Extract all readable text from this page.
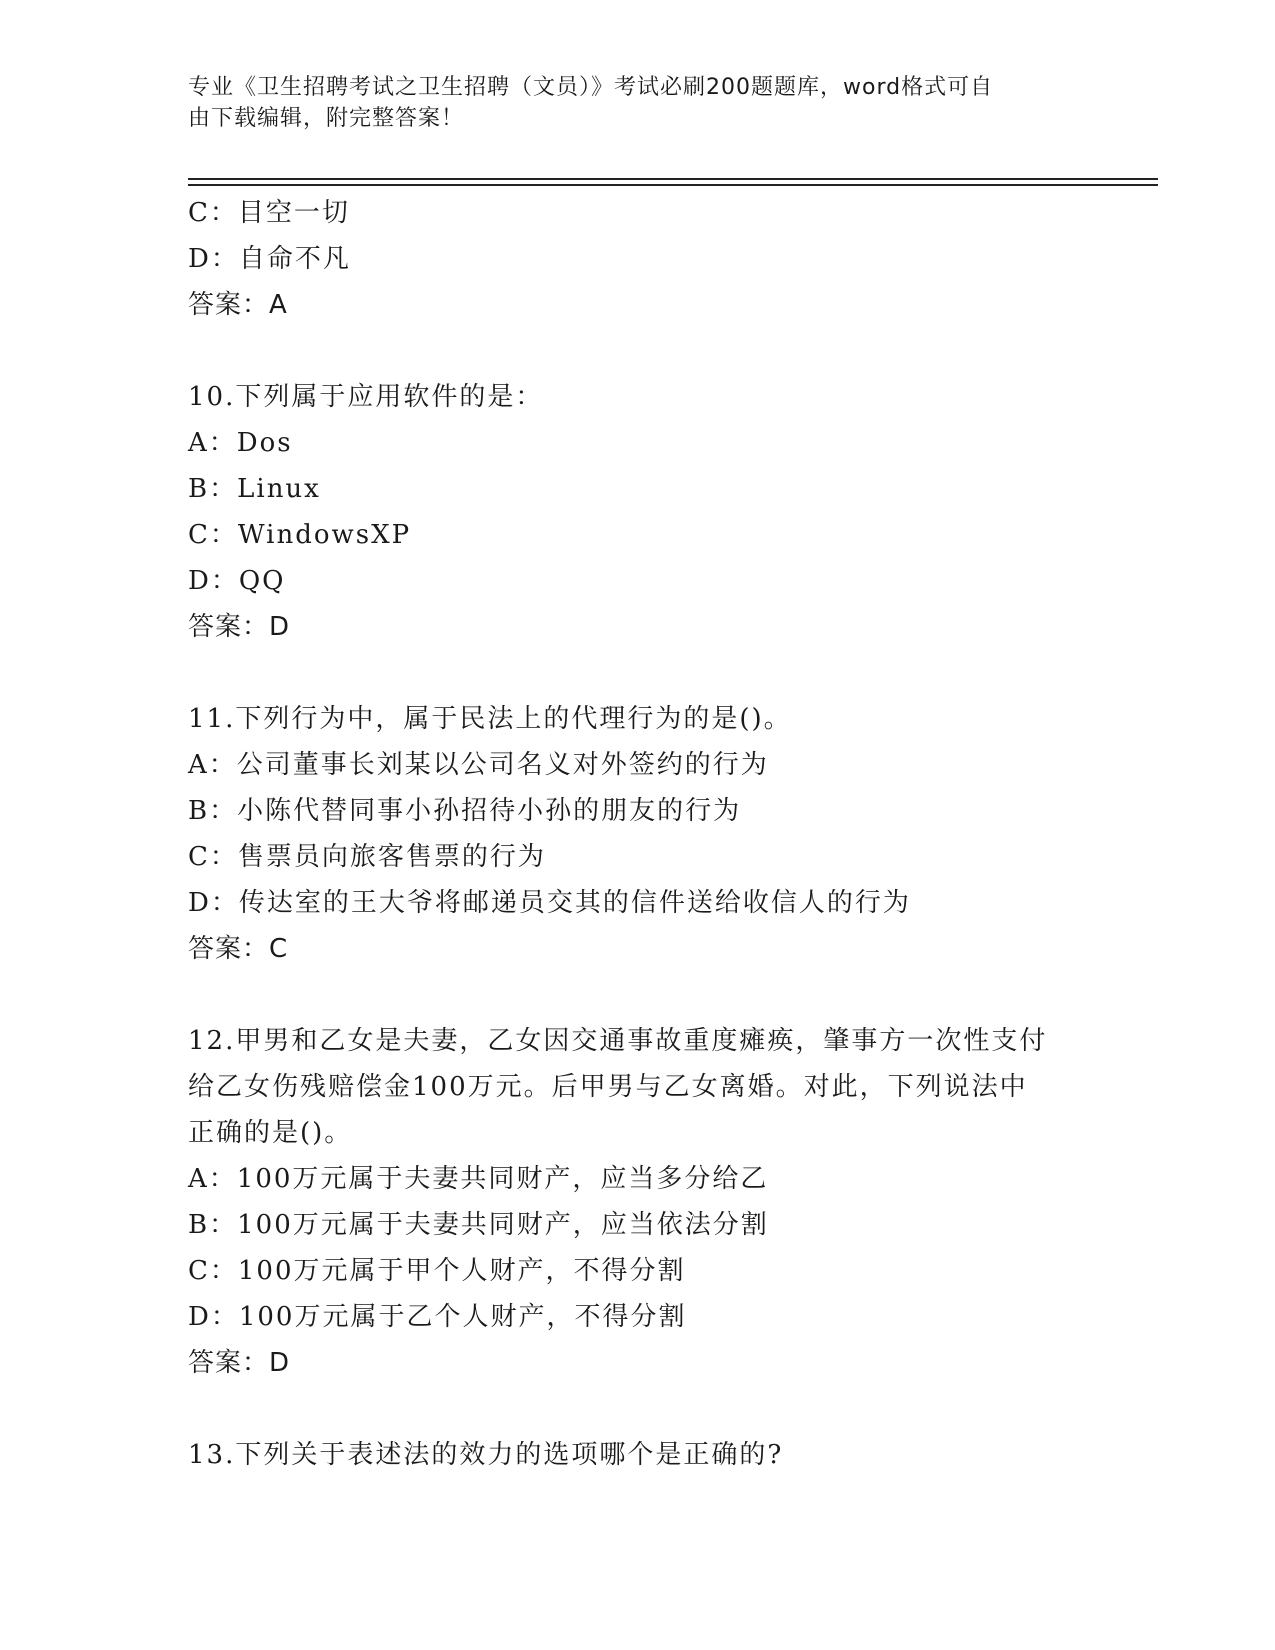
专业《卫生招聘考试之卫生招聘（文员）》考试必刷200题题库，word格式可自
由下载编辑，附完整答案！
C：目空一切
D：自命不凡
答案：A
10.下列属于应用软件的是：
A：Dos
B：Linux
C：WindowsXP
D：QQ
答案：D
11.下列行为中，属于民法上的代理行为的是()。
A：公司董事长刘某以公司名义对外签约的行为
B：小陈代替同事小孙招待小孙的朋友的行为
C：售票员向旅客售票的行为
D：传达室的王大爷将邮递员交其的信件送给收信人的行为
答案：C
12.甲男和乙女是夫妻，乙女因交通事故重度瘫痪，肇事方一次性支付
给乙女伤残赔偿金100万元。后甲男与乙女离婚。对此，下列说法中
正确的是()。
A：100万元属于夫妻共同财产，应当多分给乙
B：100万元属于夫妻共同财产，应当依法分割
C：100万元属于甲个人财产，不得分割
D：100万元属于乙个人财产，不得分割
答案：D
13.下列关于表述法的效力的选项哪个是正确的?
